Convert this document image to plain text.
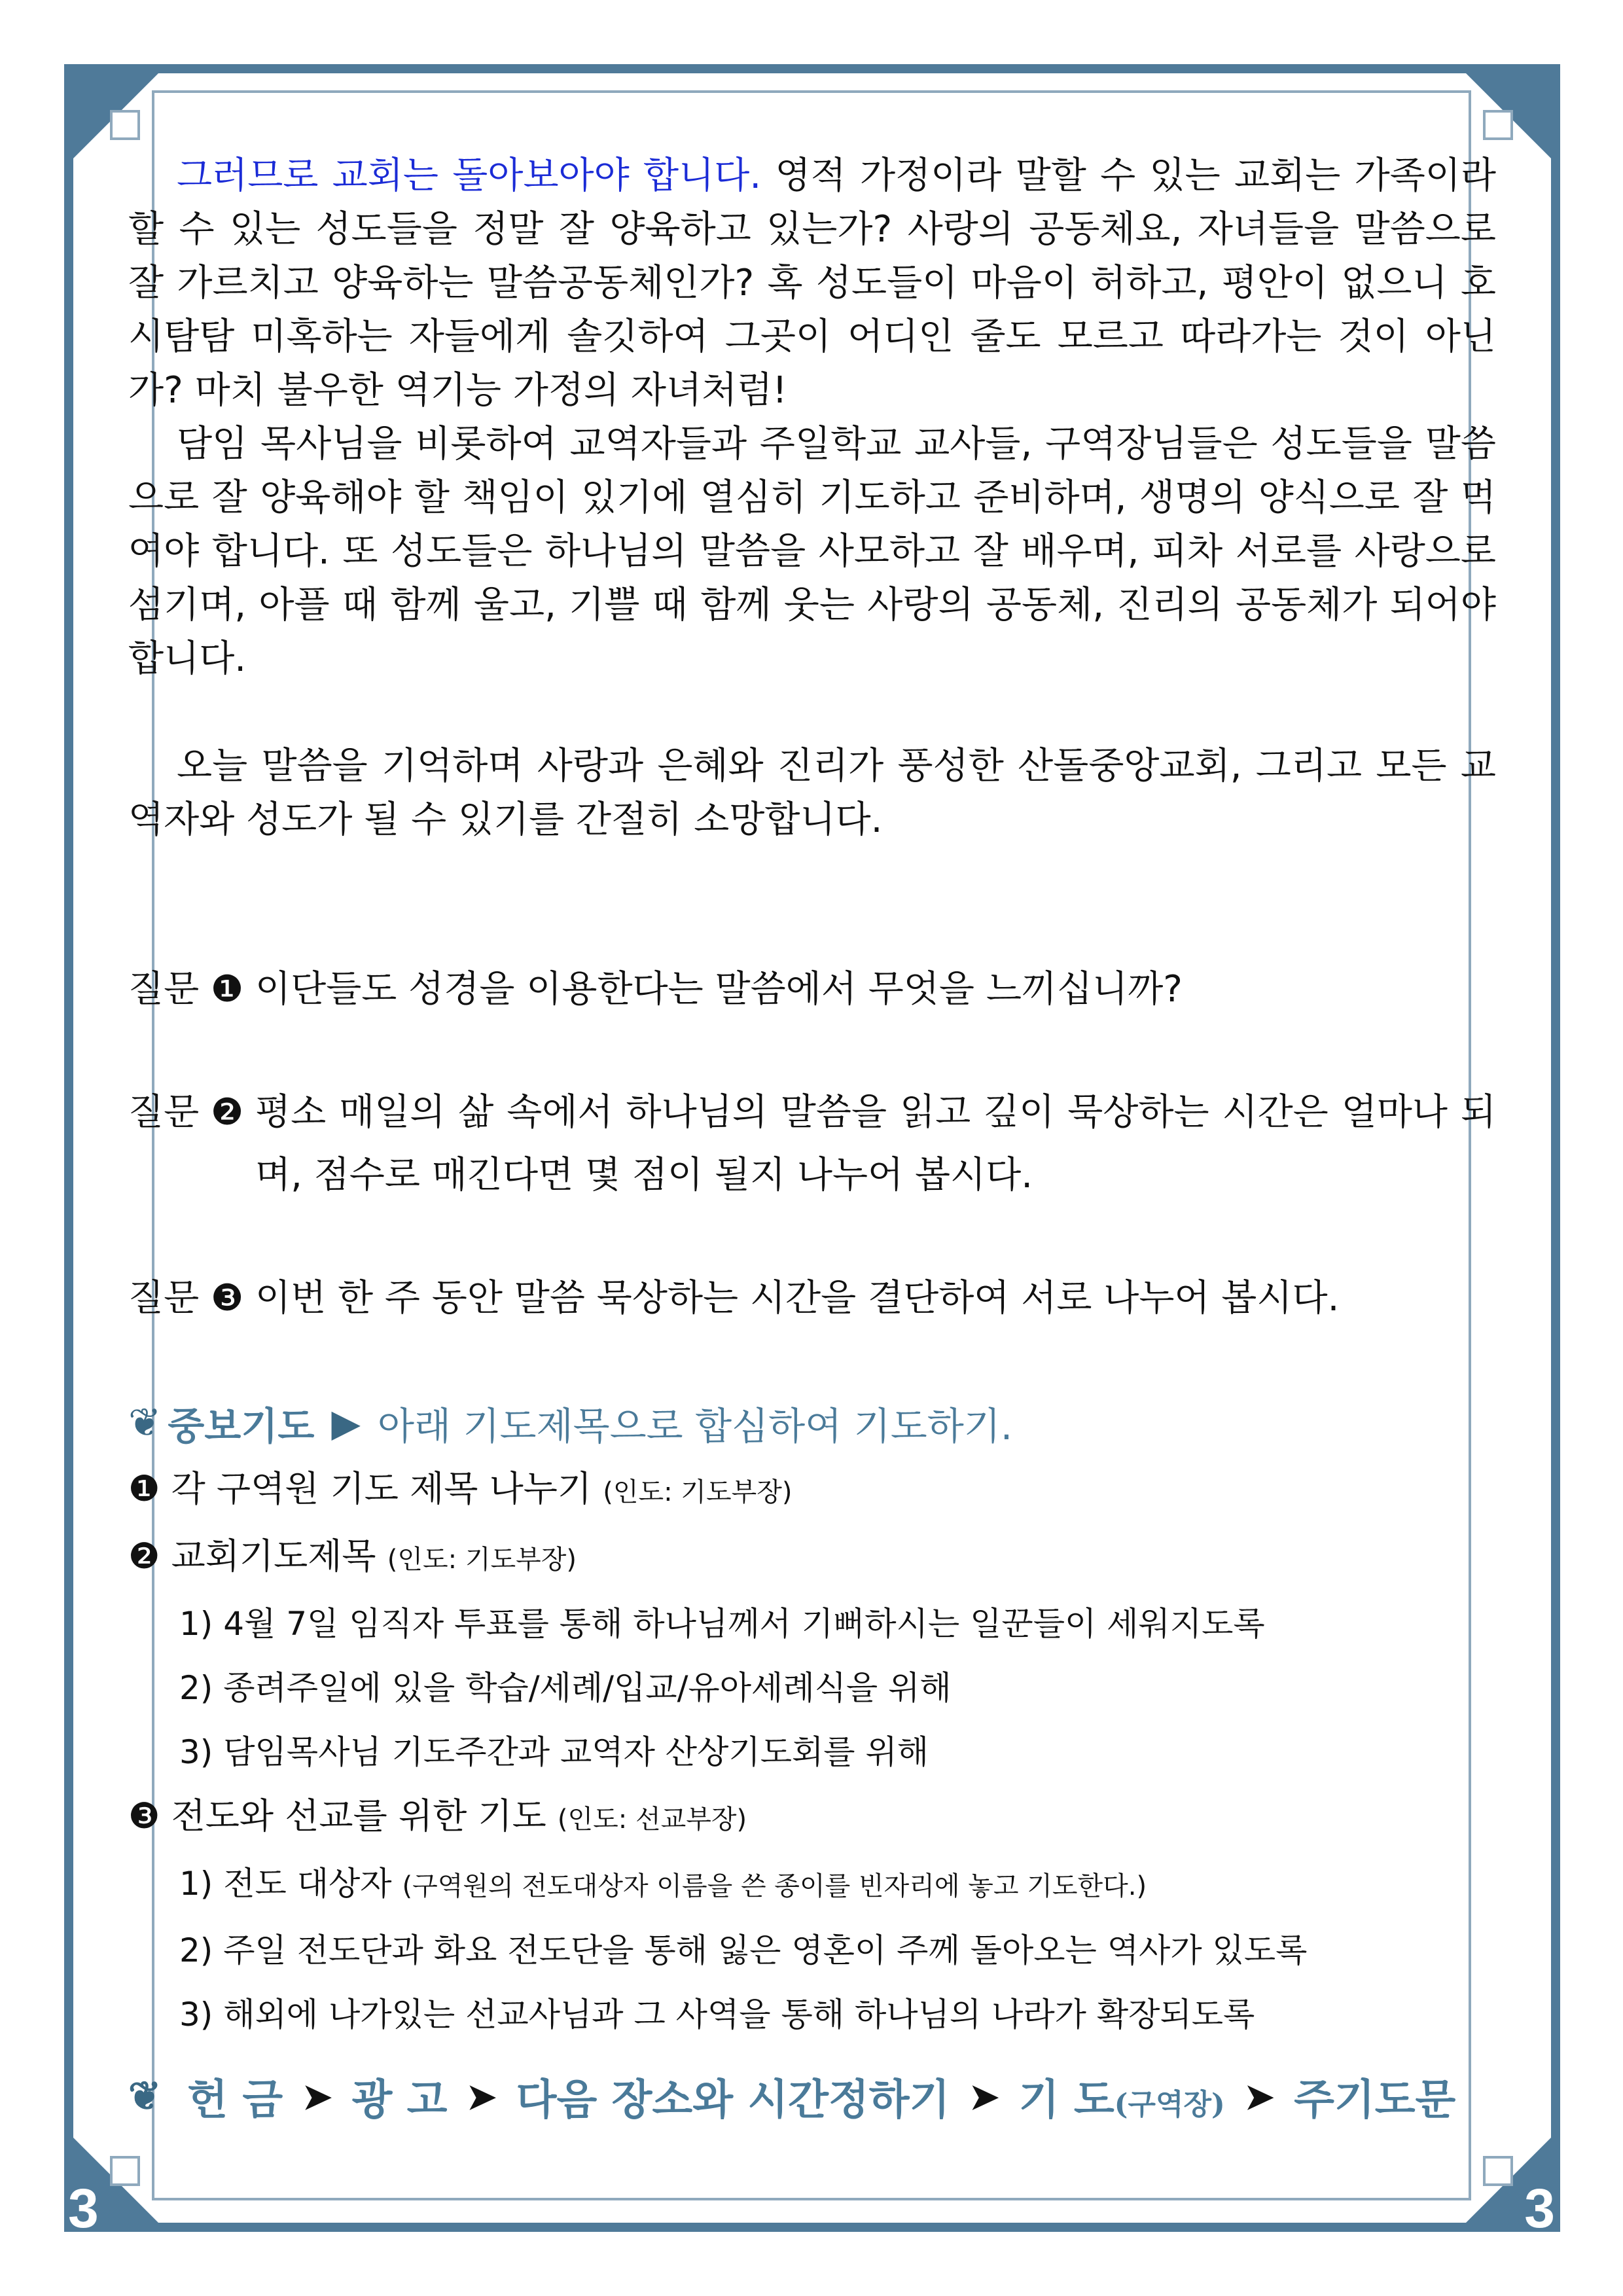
3	3

그러므로 교회는 돌아보아야 합니다. 영적 가정이라 말할 수 있는 교회는 가족이라 할 수 있는 성도들을 정말 잘 양육하고 있는가? 사랑의 공동체요, 자녀들을 말씀으로 잘 가르치고 양육하는 말씀공동체인가? 혹 성도들이 마음이 허하고, 평안이 없으니 호시탐탐 미혹하는 자들에게 솔깃하여 그곳이 어디인 줄도 모르고 따라가는 것이 아닌가? 마치 불우한 역기능 가정의 자녀처럼!

담임 목사님을 비롯하여 교역자들과 주일학교 교사들, 구역장님들은 성도들을 말씀으로 잘 양육해야 할 책임이 있기에 열심히 기도하고 준비하며, 생명의 양식으로 잘 먹여야 합니다. 또 성도들은 하나님의 말씀을 사모하고 잘 배우며, 피차 서로를 사랑으로 섬기며, 아플 때 함께 울고, 기쁠 때 함께 웃는 사랑의 공동체, 진리의 공동체가 되어야 합니다.

오늘 말씀을 기억하며 사랑과 은혜와 진리가 풍성한 산돌중앙교회, 그리고 모든 교역자와 성도가 될 수 있기를 간절히 소망합니다.

질문 ❶ 이단들도 성경을 이용한다는 말씀에서 무엇을 느끼십니까?
질문 ❷ 평소 매일의 삶 속에서 하나님의 말씀을 읽고 깊이 묵상하는 시간은 얼마나 되며, 점수로 매긴다면 몇 점이 될지 나누어 봅시다.
질문 ❸ 이번 한 주 동안 말씀 묵상하는 시간을 결단하여 서로 나누어 봅시다.

❦ 중보기도 ▶ 아래 기도제목으로 합심하여 기도하기.

❶ 각 구역원 기도 제목 나누기 (인도: 기도부장)

❷ 교회기도제목 (인도: 기도부장)

1) 4월 7일 임직자 투표를 통해 하나님께서 기뻐하시는 일꾼들이 세워지도록

2) 종려주일에 있을 학습/세례/입교/유아세례식을 위해

3) 담임목사님 기도주간과 교역자 산상기도회를 위해

❸ 전도와 선교를 위한 기도 (인도: 선교부장)

1) 전도 대상자 (구역원의 전도대상자 이름을 쓴 종이를 빈자리에 놓고 기도한다.)

2) 주일 전도단과 화요 전도단을 통해 잃은 영혼이 주께 돌아오는 역사가 있도록

3) 해외에 나가있는 선교사님과 그 사역을 통해 하나님의 나라가 확장되도록

❦ 헌 금 ➤ 광 고 ➤ 다음 장소와 시간정하기 ➤ 기 도(구역장) ➤ 주기도문
